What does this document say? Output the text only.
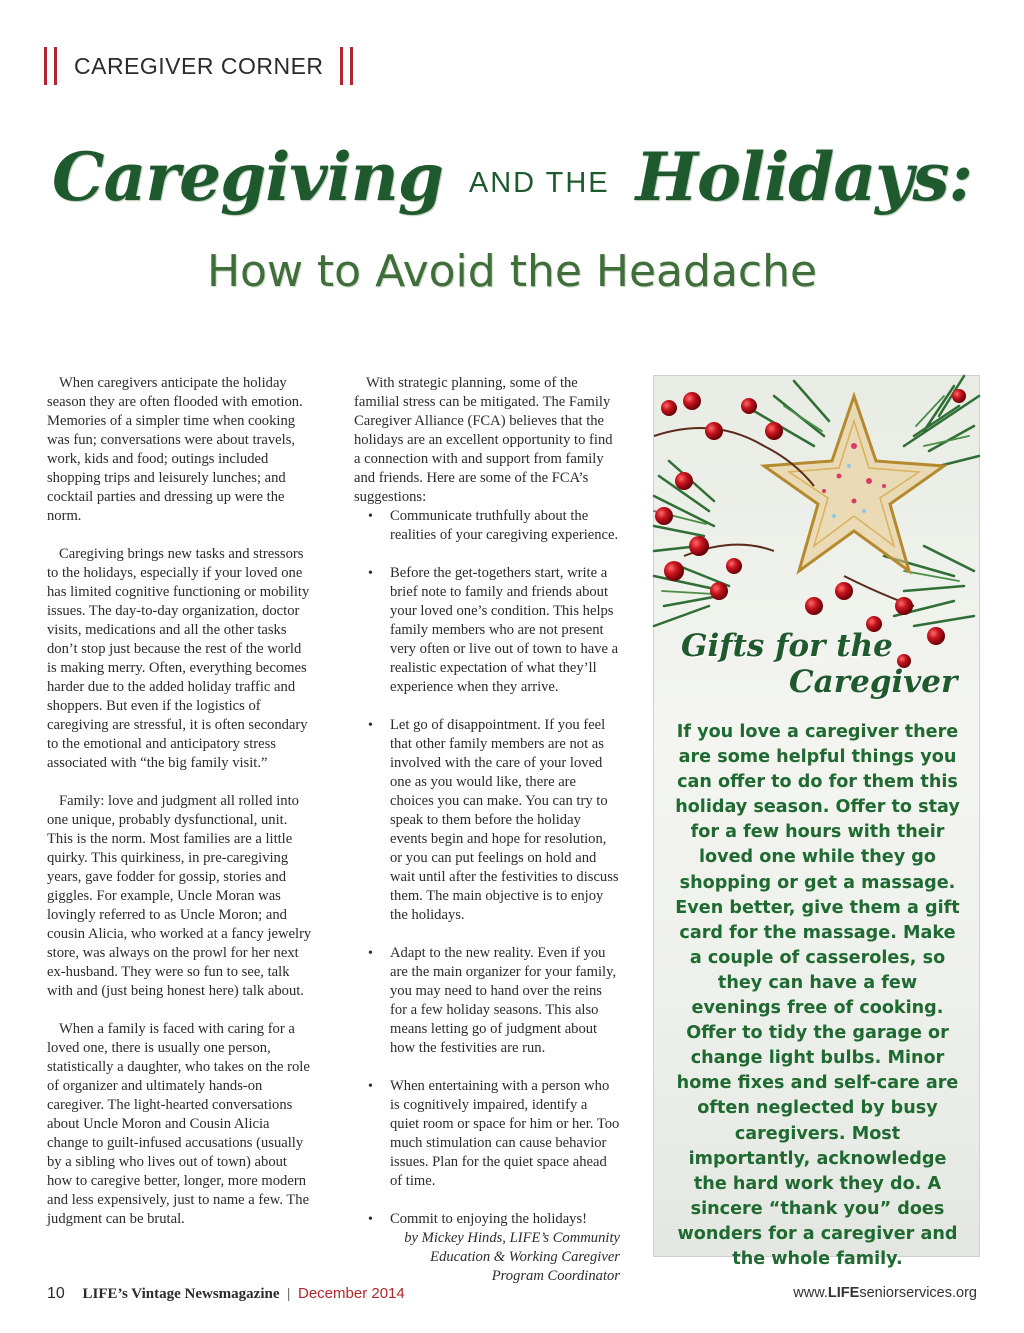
CAREGIVER CORNER
Caregiving AND THE Holidays:
How to Avoid the Headache

When caregivers anticipate the holiday season they are often flooded with emotion. Memories of a simpler time when cooking was fun; conversations were about travels, work, kids and food; outings included shopping trips and leisurely lunches; and cocktail parties and dressing up were the norm.

Caregiving brings new tasks and stressors to the holidays, especially if your loved one has limited cognitive functioning or mobility issues. The day-to-day organization, doctor visits, medications and all the other tasks don’t stop just because the rest of the world is making merry. Often, everything becomes harder due to the added holiday traffic and shoppers. But even if the logistics of caregiving are stressful, it is often secondary to the emotional and anticipatory stress associated with “the big family visit.”

Family: love and judgment all rolled into one unique, probably dysfunctional, unit. This is the norm. Most families are a little quirky. This quirkiness, in pre-caregiving years, gave fodder for gossip, stories and giggles. For example, Uncle Moran was lovingly referred to as Uncle Moron; and cousin Alicia, who worked at a fancy jewelry store, was always on the prowl for her next ex-husband. They were so fun to see, talk with and (just being honest here) talk about.

When a family is faced with caring for a loved one, there is usually one person, statistically a daughter, who takes on the role of organizer and ultimately hands-on caregiver. The light-hearted conversations about Uncle Moron and Cousin Alicia change to guilt-infused accusations (usually by a sibling who lives out of town) about how to caregive better, longer, more modern and less expensively, just to name a few. The judgment can be brutal.

With strategic planning, some of the familial stress can be mitigated. The Family Caregiver Alliance (FCA) believes that the holidays are an excellent opportunity to find a connection with and support from family and friends. Here are some of the FCA’s suggestions:

• Communicate truthfully about the realities of your caregiving experience.
• Before the get-togethers start, write a brief note to family and friends about your loved one’s condition. This helps family members who are not present very often or live out of town to have a realistic expectation of what they’ll experience when they arrive.
• Let go of disappointment. If you feel that other family members are not as involved with the care of your loved one as you would like, there are choices you can make. You can try to speak to them before the holiday events begin and hope for resolution, or you can put feelings on hold and wait until after the festivities to discuss them. The main objective is to enjoy the holidays.
• Adapt to the new reality. Even if you are the main organizer for your family, you may need to hand over the reins for a few holiday seasons. This also means letting go of judgment about how the festivities are run.
• When entertaining with a person who is cognitively impaired, identify a quiet room or space for him or her. Too much stimulation can cause behavior issues. Plan for the quiet space ahead of time.
• Commit to enjoying the holidays!
by Mickey Hinds, LIFE’s Community
Education & Working Caregiver
Program Coordinator
Gifts for the
Caregiver
If you love a caregiver there are some helpful things you can offer to do for them this holiday season. Offer to stay for a few hours with their loved one while they go shopping or get a massage. Even better, give them a gift card for the massage. Make a couple of casseroles, so they can have a few evenings free of cooking. Offer to tidy the garage or change light bulbs. Minor home fixes and self-care are often neglected by busy caregivers. Most importantly, acknowledge the hard work they do. A sincere “thank you” does wonders for a caregiver and the whole family.
10 LIFE’s Vintage Newsmagazine | December 2014	www.LIFEseniorservices.org
